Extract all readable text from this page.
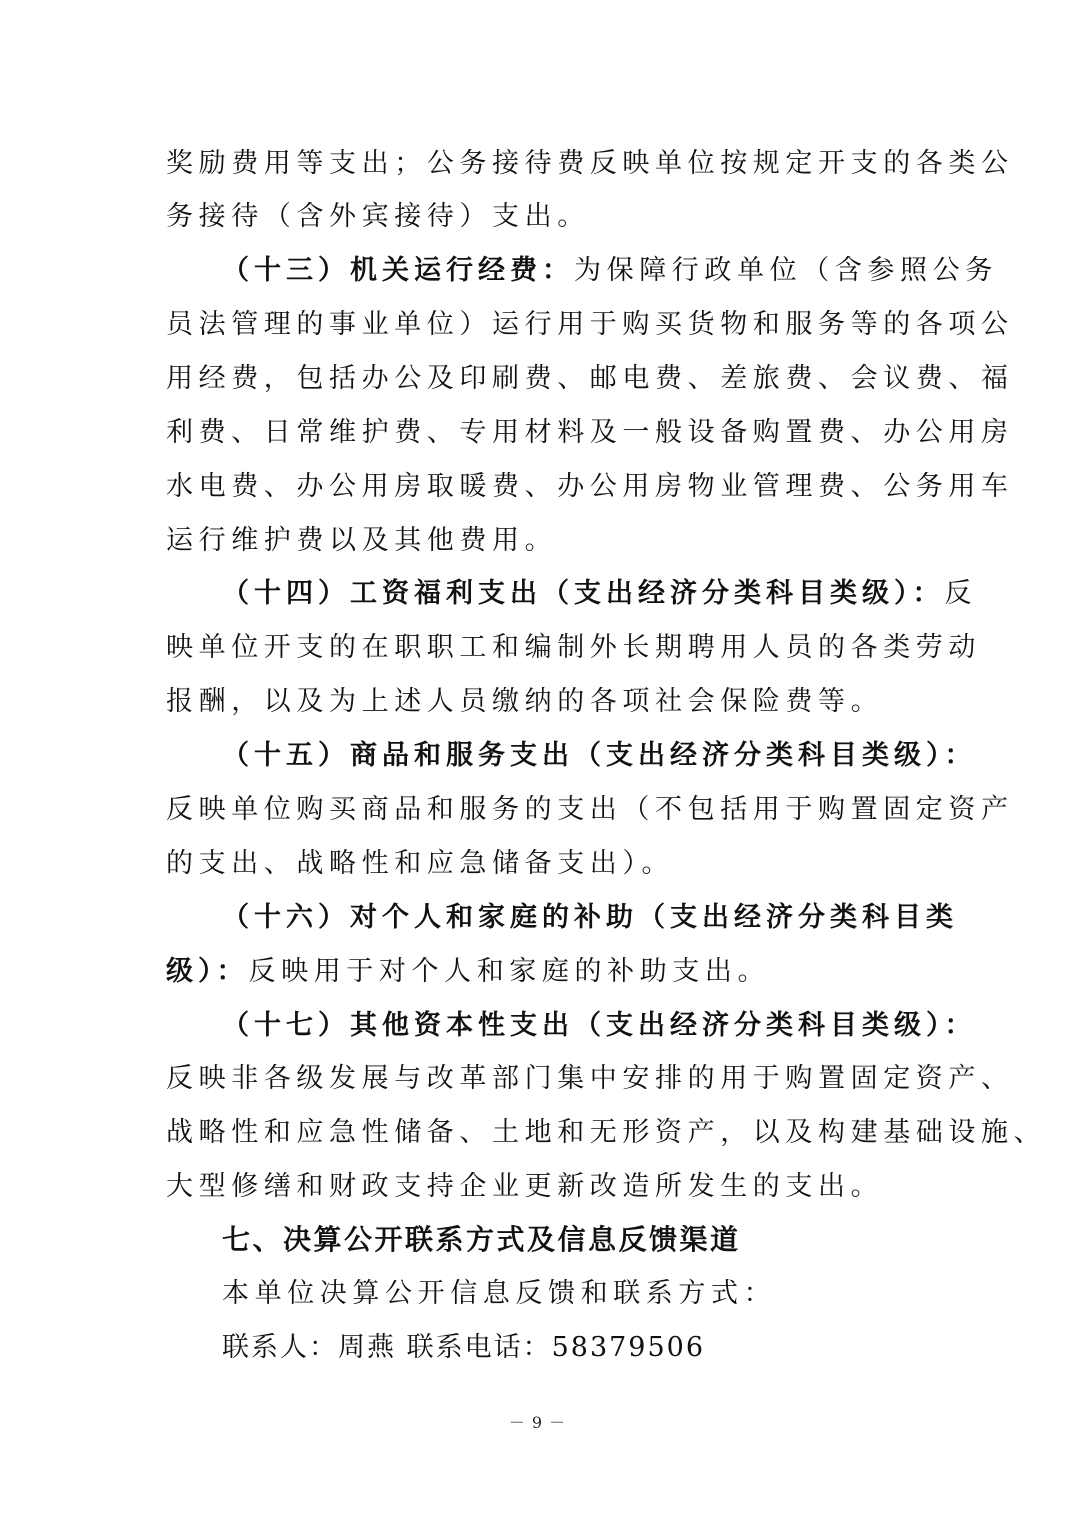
奖励费用等支出；公务接待费反映单位按规定开支的各类公
务接待（含外宾接待）支出。
（十三）机关运行经费：为保障行政单位（含参照公务
员法管理的事业单位）运行用于购买货物和服务等的各项公
用经费，包括办公及印刷费、邮电费、差旅费、会议费、福
利费、日常维护费、专用材料及一般设备购置费、办公用房
水电费、办公用房取暖费、办公用房物业管理费、公务用车
运行维护费以及其他费用。
（十四）工资福利支出（支出经济分类科目类级）：反
映单位开支的在职职工和编制外长期聘用人员的各类劳动
报酬，以及为上述人员缴纳的各项社会保险费等。
（十五）商品和服务支出（支出经济分类科目类级）：
反映单位购买商品和服务的支出（不包括用于购置固定资产
的支出、战略性和应急储备支出）。
（十六）对个人和家庭的补助（支出经济分类科目类
级）：反映用于对个人和家庭的补助支出。
（十七）其他资本性支出（支出经济分类科目类级）：
反映非各级发展与改革部门集中安排的用于购置固定资产、
战略性和应急性储备、土地和无形资产，以及构建基础设施、
大型修缮和财政支持企业更新改造所发生的支出。
七、决算公开联系方式及信息反馈渠道
本单位决算公开信息反馈和联系方式：
联系人：周燕 联系电话：58379506
－ 9 －
